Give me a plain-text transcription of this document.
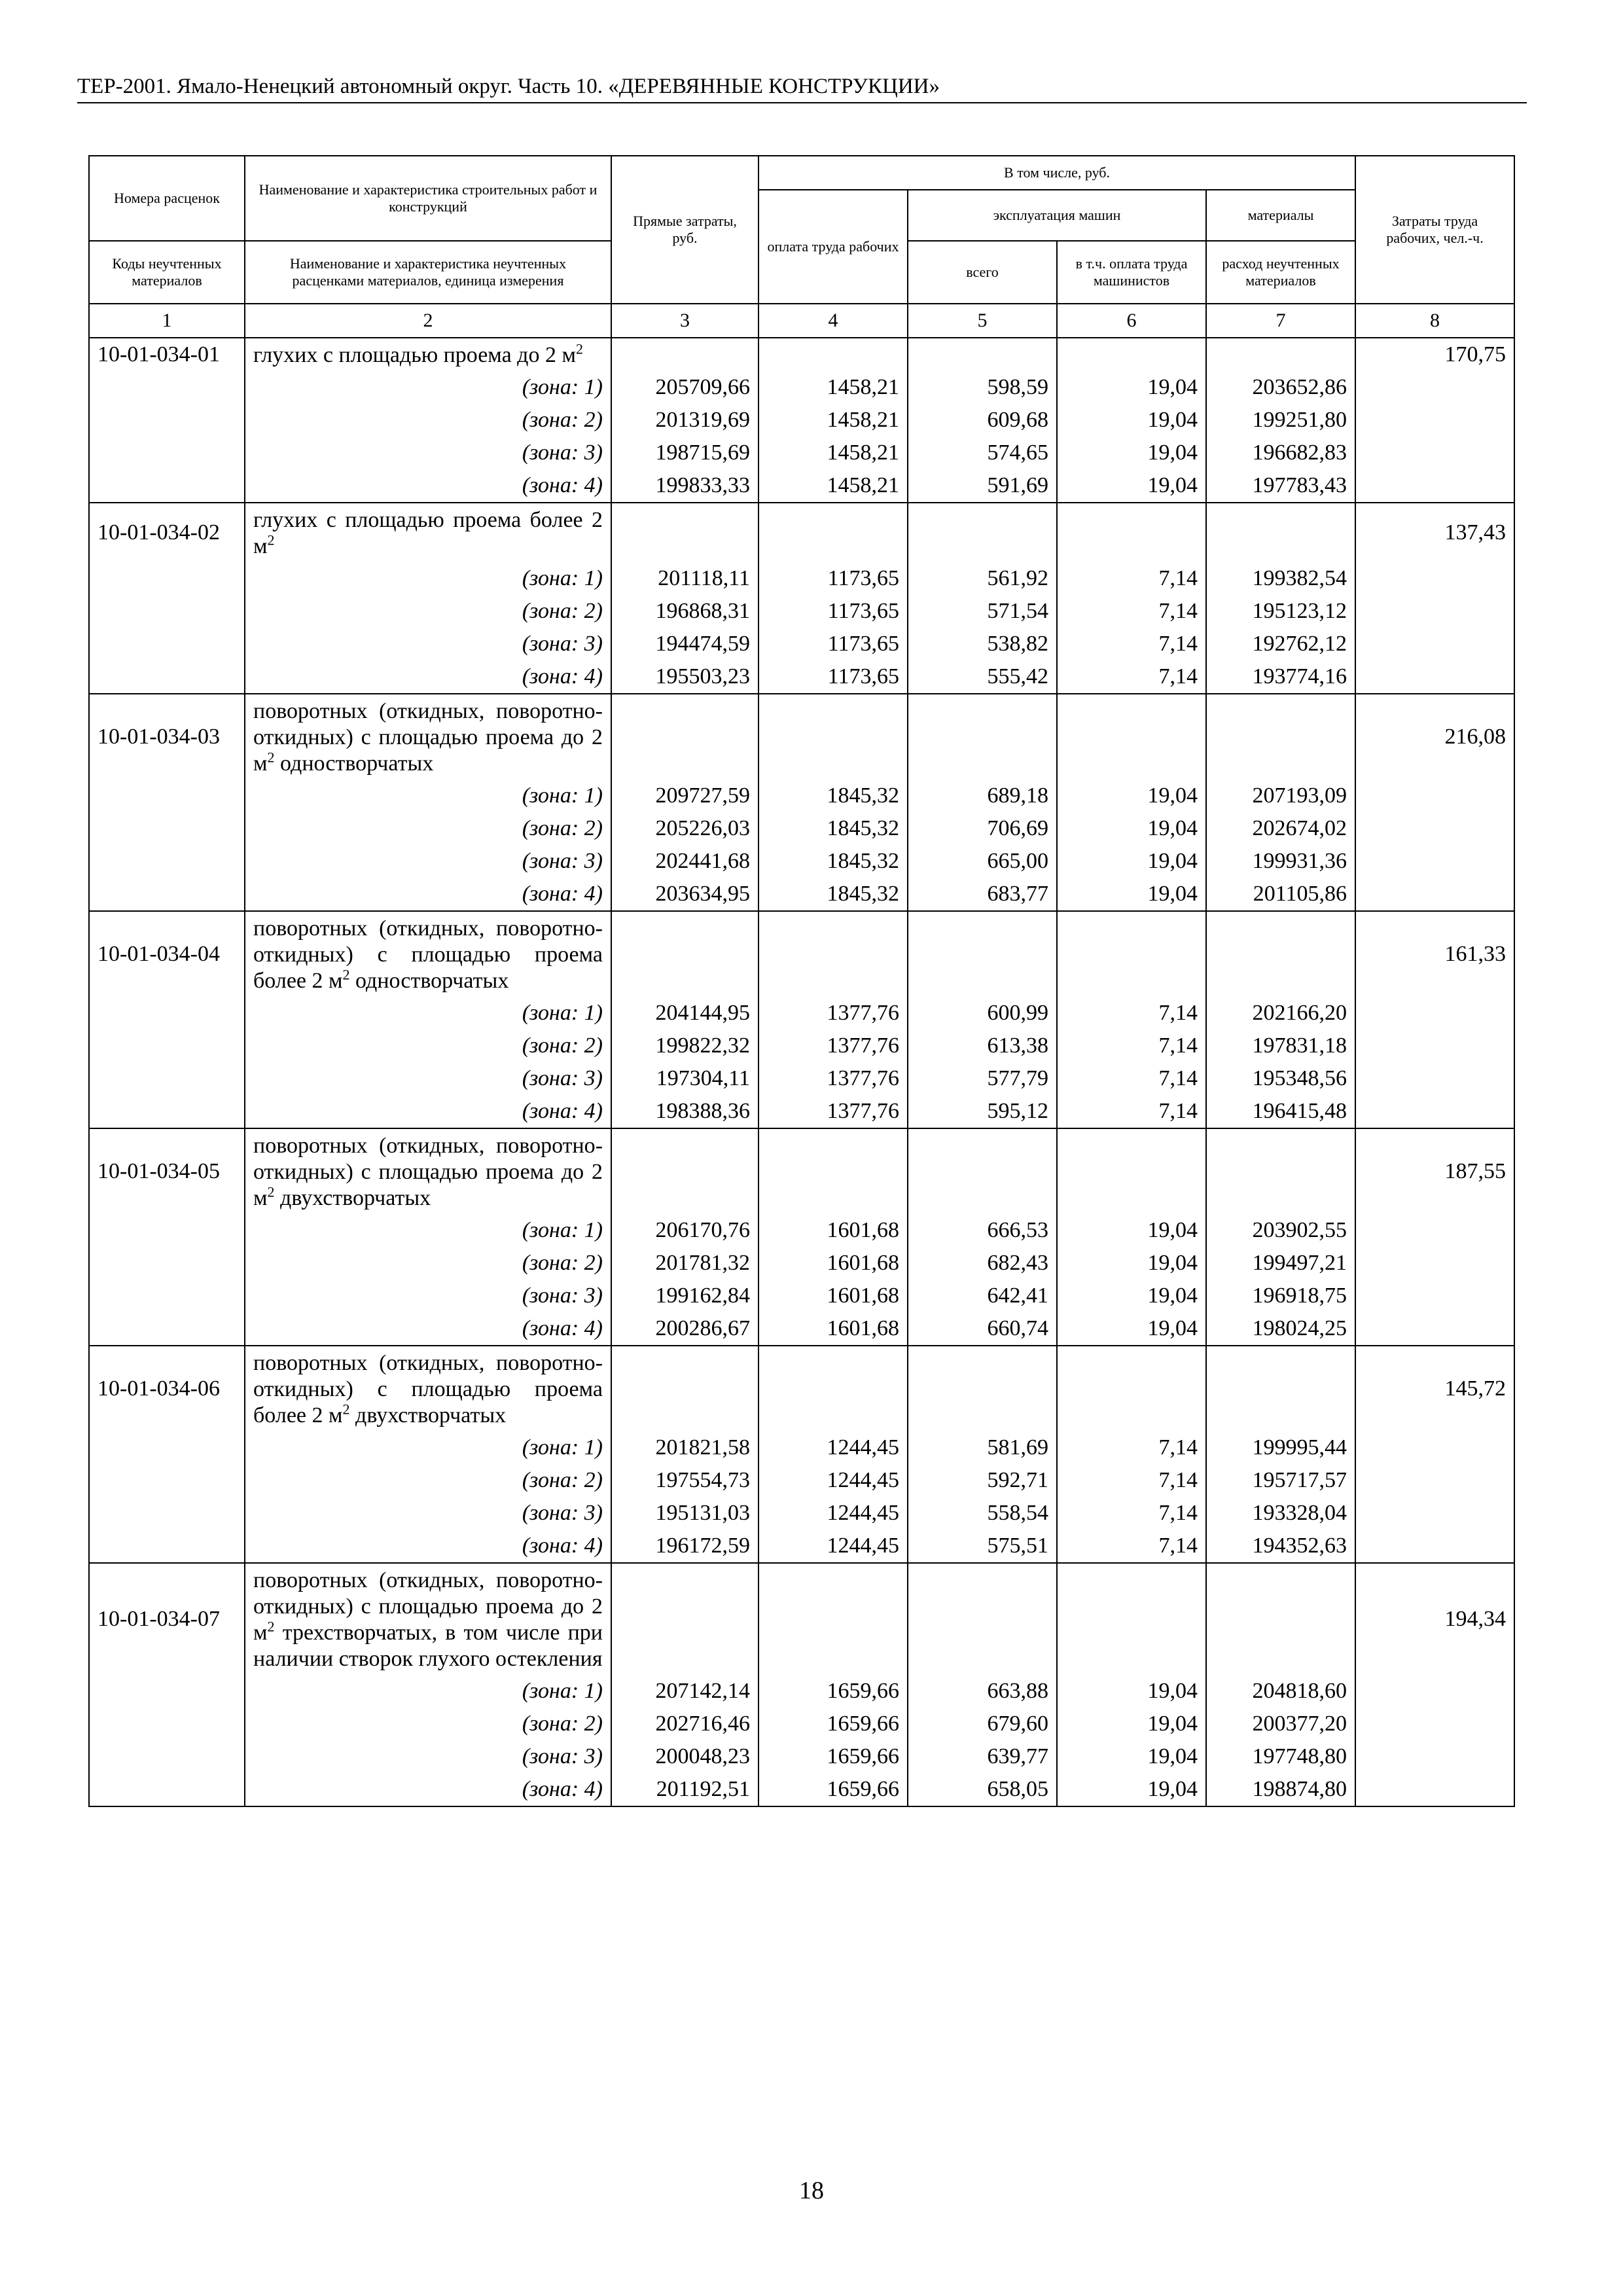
ТЕР-2001. Ямало-Ненецкий автономный округ. Часть 10. «ДЕРЕВЯННЫЕ КОНСТРУКЦИИ»
Номера расценок	Наименование и характеристика строительных работ и конструкций	Прямые затраты, руб.	В том числе, руб.				Затраты труда рабочих, чел.-ч.
			оплата труда рабочих	эксплуатация машин		материалы	
Коды неучтенных материалов	Наименование и характеристика неучтенных расценками материалов, единица измерения			всего	в т.ч. оплата труда машинистов	расход неучтенных материалов	
1	2	3	4	5	6	7	8
10-01-034-01	глухих с площадью проема до 2 $м^2$						170,75
	(зона: 1)	205709,66	1458,21	598,59	19,04	203652,86	
	(зона: 2)	201319,69	1458,21	609,68	19,04	199251,80	
	(зона: 3)	198715,69	1458,21	574,65	19,04	196682,83	
	(зона: 4)	199833,33	1458,21	591,69	19,04	197783,43	
10-01-034-02	глухих с площадью проема более 2 $м^2$						137,43
	(зона: 1)	201118,11	1173,65	561,92	7,14	199382,54	
	(зона: 2)	196868,31	1173,65	571,54	7,14	195123,12	
	(зона: 3)	194474,59	1173,65	538,82	7,14	192762,12	
	(зона: 4)	195503,23	1173,65	555,42	7,14	193774,16	
10-01-034-03	поворотных (откидных, поворотно-откидных) с площадью проема до 2 $м^2$ одностворчатых						216,08
	(зона: 1)	209727,59	1845,32	689,18	19,04	207193,09	
	(зона: 2)	205226,03	1845,32	706,69	19,04	202674,02	
	(зона: 3)	202441,68	1845,32	665,00	19,04	199931,36	
	(зона: 4)	203634,95	1845,32	683,77	19,04	201105,86	
10-01-034-04	поворотных (откидных, поворотно-откидных) с площадью проема более 2 $м^2$ одностворчатых						161,33
	(зона: 1)	204144,95	1377,76	600,99	7,14	202166,20	
	(зона: 2)	199822,32	1377,76	613,38	7,14	197831,18	
	(зона: 3)	197304,11	1377,76	577,79	7,14	195348,56	
	(зона: 4)	198388,36	1377,76	595,12	7,14	196415,48	
10-01-034-05	поворотных (откидных, поворотно-откидных) с площадью проема до 2 $м^2$ двухстворчатых						187,55
	(зона: 1)	206170,76	1601,68	666,53	19,04	203902,55	
	(зона: 2)	201781,32	1601,68	682,43	19,04	199497,21	
	(зона: 3)	199162,84	1601,68	642,41	19,04	196918,75	
	(зона: 4)	200286,67	1601,68	660,74	19,04	198024,25	
10-01-034-06	поворотных (откидных, поворотно-откидных) с площадью проема более 2 $м^2$ двухстворчатых						145,72
	(зона: 1)	201821,58	1244,45	581,69	7,14	199995,44	
	(зона: 2)	197554,73	1244,45	592,71	7,14	195717,57	
	(зона: 3)	195131,03	1244,45	558,54	7,14	193328,04	
	(зона: 4)	196172,59	1244,45	575,51	7,14	194352,63	
10-01-034-07	поворотных (откидных, поворотно-откидных) с площадью проема до 2 $м^2$ трехстворчатых, в том числе при наличии створок глухого остекления						194,34
	(зона: 1)	207142,14	1659,66	663,88	19,04	204818,60	
	(зона: 2)	202716,46	1659,66	679,60	19,04	200377,20	
	(зона: 3)	200048,23	1659,66	639,77	19,04	197748,80	
	(зона: 4)	201192,51	1659,66	658,05	19,04	198874,80	
18
